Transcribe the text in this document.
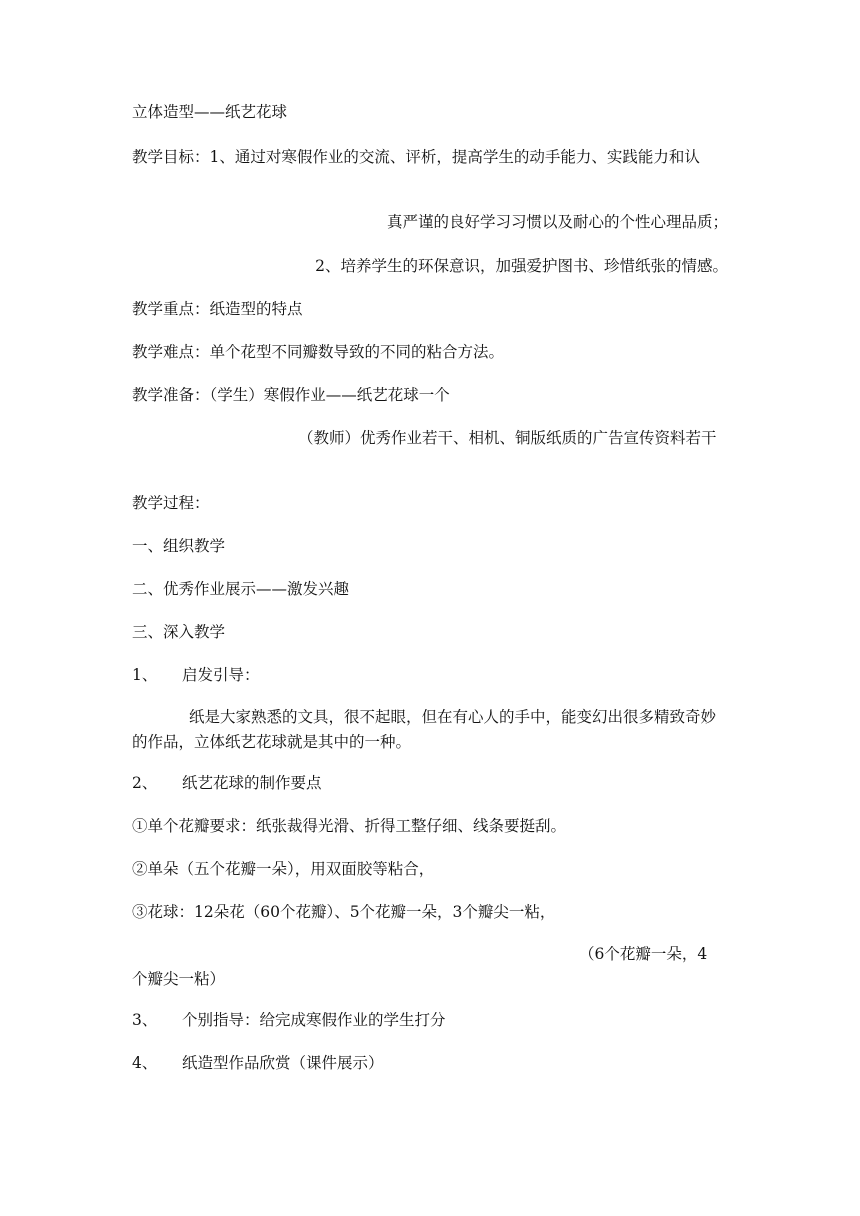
立体造型——纸艺花球
教学目标：1、通过对寒假作业的交流、评析，提高学生的动手能力、实践能力和认
真严谨的良好学习习惯以及耐心的个性心理品质；
2、培养学生的环保意识，加强爱护图书、珍惜纸张的情感。
教学重点：纸造型的特点
教学难点：单个花型不同瓣数导致的不同的粘合方法。
教学准备：（学生）寒假作业——纸艺花球一个
（教师）优秀作业若干、相机、铜版纸质的广告宣传资料若干
教学过程：
一、组织教学
二、优秀作业展示——激发兴趣
三、深入教学
1、 启发引导：
纸是大家熟悉的文具，很不起眼，但在有心人的手中，能变幻出很多精致奇妙的作品，立体纸艺花球就是其中的一种。
2、 纸艺花球的制作要点
①单个花瓣要求：纸张裁得光滑、折得工整仔细、线条要挺刮。
②单朵（五个花瓣一朵），用双面胶等粘合，
③花球：12朵花（60个花瓣）、5个花瓣一朵，3个瓣尖一粘，
（6个花瓣一朵，4个瓣尖一粘）
3、 个别指导：给完成寒假作业的学生打分
4、 纸造型作品欣赏（课件展示）
